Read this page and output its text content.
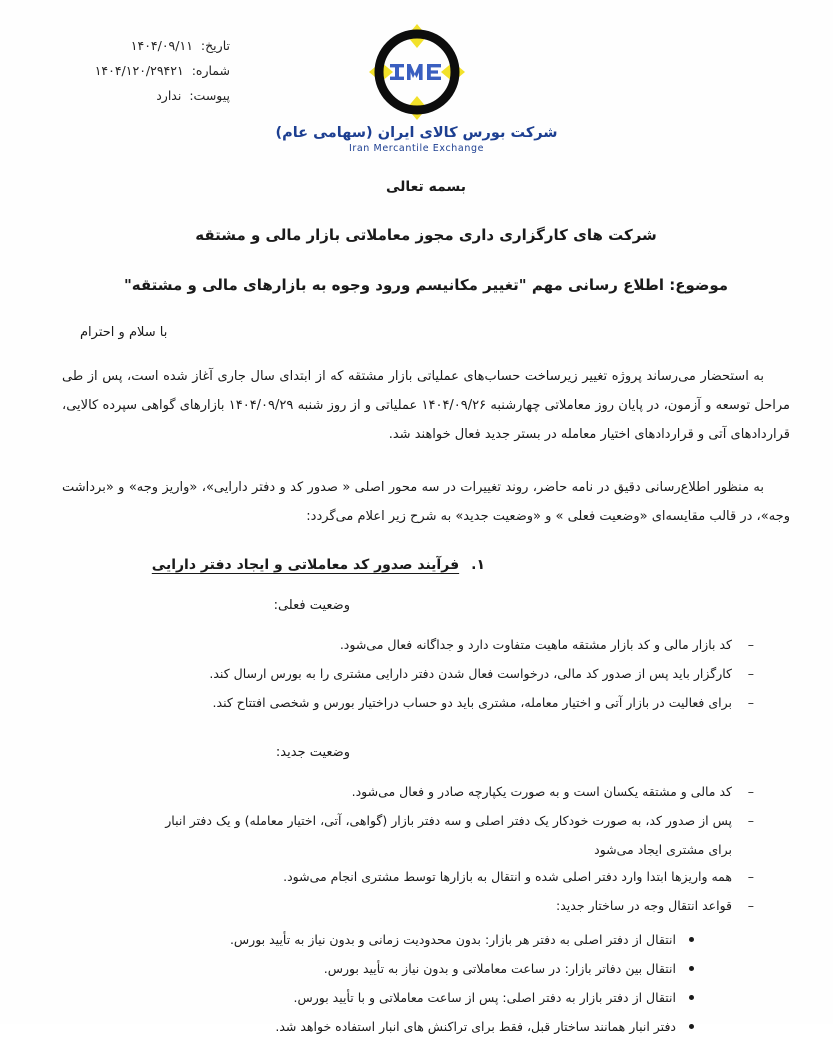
تاریخ: ۱۴۰۴/۰۹/۱۱
شماره: ۱۴۰۴/۱۲۰/۲۹۴۲۱
پیوست: ندارد
شرکت بورس کالای ایران (سهامی عام)
Iran Mercantile Exchange
بسمه تعالی
شرکت های کارگزاری داری مجوز معاملاتی بازار مالی و مشتقه
موضوع: اطلاع رسانی مهم "تغییر مکانیسم ورود وجوه به بازارهای مالی و مشتقه"
با سلام و احترام

به استحضار می‌رساند پروژه تغییر زیرساخت حساب‌های عملیاتی بازار مشتقه که از ابتدای سال جاری آغاز شده است، پس از طی مراحل توسعه و آزمون، در پایان روز معاملاتی چهارشنبه ۱۴۰۴/۰۹/۲۶ عملیاتی و از روز شنبه ۱۴۰۴/۰۹/۲۹ بازارهای گواهی سپرده کالایی، قراردادهای آتی و قراردادهای اختیار معامله در بستر جدید فعال خواهند شد.

به منظور اطلاع‌رسانی دقیق در نامه حاضر، روند تغییرات در سه محور اصلی « صدور کد و دفتر دارایی»، «واریز وجه» و «برداشت وجه»، در قالب مقایسه‌ای «وضعیت فعلی » و «وضعیت جدید» به شرح زیر اعلام می‌گردد:

۱.
فرآیند صدور کد معاملاتی و ایجاد دفتر دارایی
وضعیت فعلی:
– کد بازار مالی و کد بازار مشتقه ماهیت متفاوت دارد و جداگانه فعال می‌شود.
– کارگزار باید پس از صدور کد مالی، درخواست فعال شدن دفتر دارایی مشتری را به بورس ارسال کند.
– برای فعالیت در بازار آتی و اختیار معامله، مشتری باید دو حساب دراختیار بورس و شخصی افتتاح کند.
وضعیت جدید:
– کد مالی و مشتقه یکسان است و به صورت یکپارچه صادر و فعال می‌شود.
– پس از صدور کد، به صورت خودکار یک دفتر اصلی و سه دفتر بازار (گواهی، آتی، اختیار معامله) و یک دفتر انبار
برای مشتری ایجاد می‌شود
– همه واریزها ابتدا وارد دفتر اصلی شده و انتقال به بازارها توسط مشتری انجام می‌شود.
– قواعد انتقال وجه در ساختار جدید:
انتقال از دفتر اصلی به دفتر هر بازار: بدون محدودیت زمانی و بدون نیاز به تأیید بورس.
انتقال بین دفاتر بازار: در ساعت معاملاتی و بدون نیاز به تأیید بورس.
انتقال از دفتر بازار به دفتر اصلی: پس از ساعت معاملاتی و با تأیید بورس.
دفتر انبار همانند ساختار قبل، فقط برای تراکنش های انبار استفاده خواهد شد.
